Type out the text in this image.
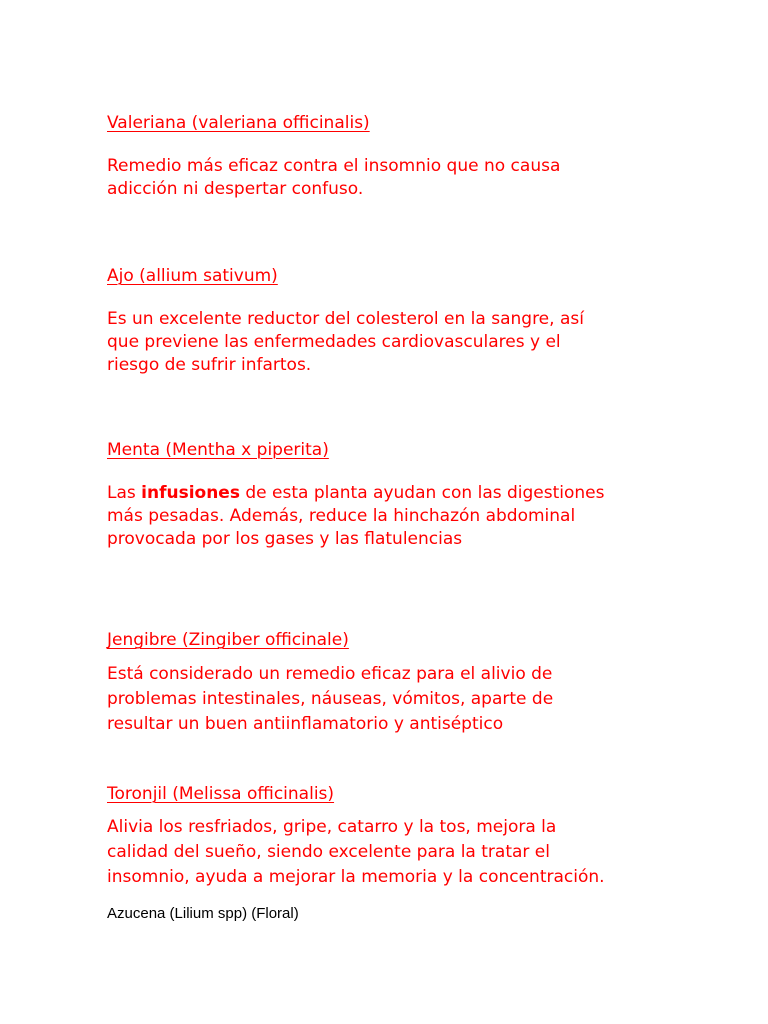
Valeriana (valeriana officinalis)

Remedio más eficaz contra el insomnio que no causa
adicción ni despertar confuso.

Ajo (allium sativum)

Es un excelente reductor del colesterol en la sangre, así
que previene las enfermedades cardiovasculares y el
riesgo de sufrir infartos.

Menta (Mentha x piperita)

Las infusiones de esta planta ayudan con las digestiones
más pesadas. Además, reduce la hinchazón abdominal
provocada por los gases y las flatulencias

Jengibre (Zingiber officinale)

Está considerado un remedio eficaz para el alivio de
problemas intestinales, náuseas, vómitos, aparte de
resultar un buen antiinflamatorio y antiséptico

Toronjil (Melissa officinalis)

Alivia los resfriados, gripe, catarro y la tos, mejora la
calidad del sueño, siendo excelente para la tratar el
insomnio, ayuda a mejorar la memoria y la concentración.

Azucena (Lilium spp) (Floral)
